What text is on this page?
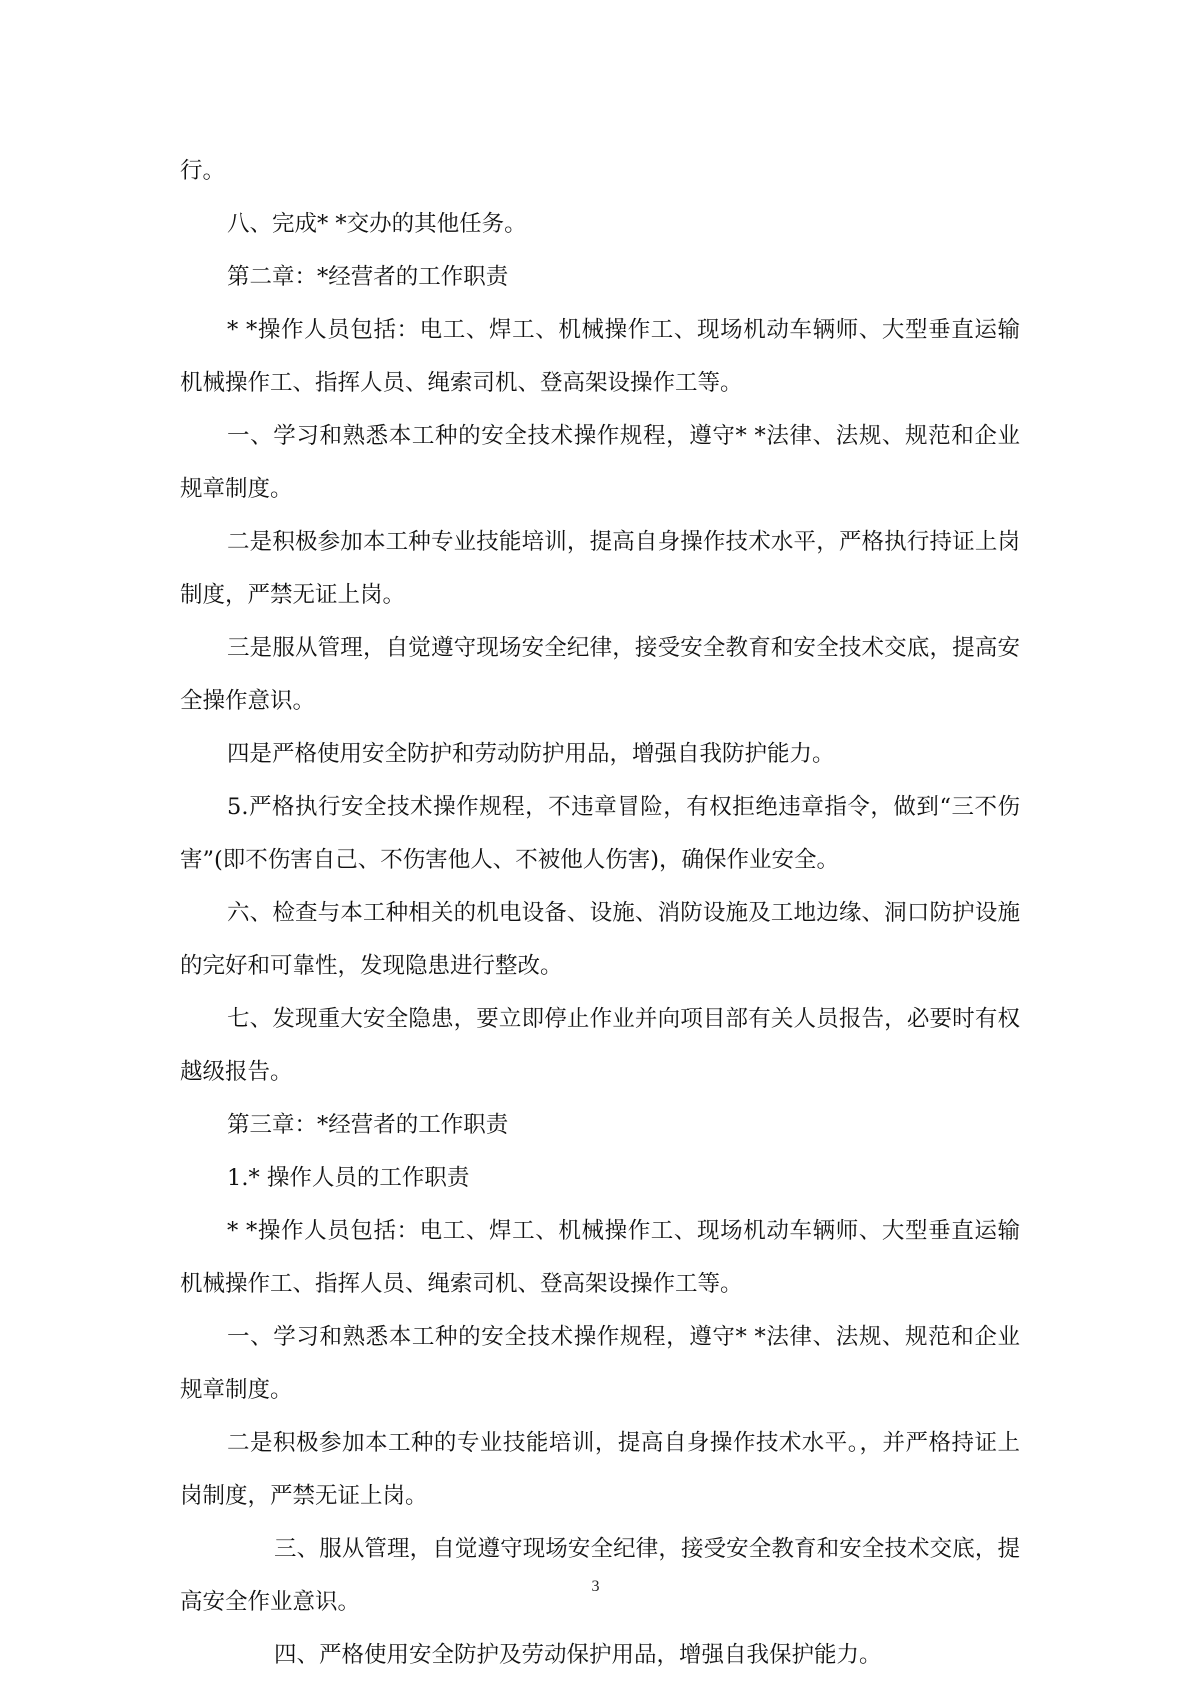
行。

八、完成* *交办的其他任务。

第二章：*经营者的工作职责

* *操作人员包括：电工、焊工、机械操作工、现场机动车辆师、大型垂直运输机械操作工、指挥人员、绳索司机、登高架设操作工等。

一、学习和熟悉本工种的安全技术操作规程，遵守* *法律、法规、规范和企业规章制度。

二是积极参加本工种专业技能培训，提高自身操作技术水平，严格执行持证上岗制度，严禁无证上岗。

三是服从管理，自觉遵守现场安全纪律，接受安全教育和安全技术交底，提高安全操作意识。

四是严格使用安全防护和劳动防护用品，增强自我防护能力。

5.严格执行安全技术操作规程，不违章冒险，有权拒绝违章指令，做到“三不伤害”(即不伤害自己、不伤害他人、不被他人伤害)，确保作业安全。

六、检查与本工种相关的机电设备、设施、消防设施及工地边缘、洞口防护设施的完好和可靠性，发现隐患进行整改。

七、发现重大安全隐患，要立即停止作业并向项目部有关人员报告，必要时有权越级报告。

第三章：*经营者的工作职责

1.* 操作人员的工作职责

* *操作人员包括：电工、焊工、机械操作工、现场机动车辆师、大型垂直运输机械操作工、指挥人员、绳索司机、登高架设操作工等。

一、学习和熟悉本工种的安全技术操作规程，遵守* *法律、法规、规范和企业规章制度。

二是积极参加本工种的专业技能培训，提高自身操作技术水平。，并严格持证上岗制度，严禁无证上岗。

三、服从管理，自觉遵守现场安全纪律，接受安全教育和安全技术交底，提高安全作业意识。

四、严格使用安全防护及劳动保护用品，增强自我保护能力。

3
